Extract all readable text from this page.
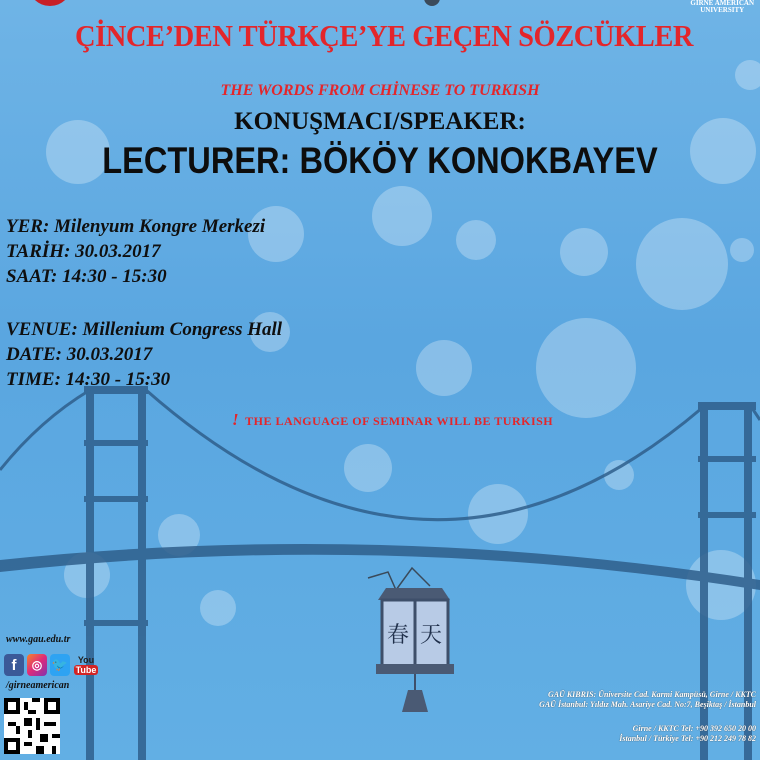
春 天
GIRNE AMERICAN
UNIVERSITY
ÇİNCE’DEN TÜRKÇE’YE GEÇEN SÖZCÜKLER
THE WORDS FROM CHİNESE TO TURKISH
KONUŞMACI/SPEAKER:
LECTURER: BÖKÖY KONOKBAYEV
YER: Milenyum Kongre Merkezi
TARİH: 30.03.2017
SAAT: 14:30 - 15:30
VENUE: Millenium Congress Hall
DATE: 30.03.2017
TIME: 14:30 - 15:30
! THE LANGUAGE OF SEMINAR WILL BE TURKISH
www.gau.edu.tr
f	◎ 🐦 You
Tube
/girneamerican
GAÜ KIBRIS: Üniversite Cad. Karmi Kampüsü, Girne / KKTC
GAÜ İstanbul: Yıldız Mah. Asariye Cad. No:7, Beşiktaş / İstanbul
Girne / KKTC Tel: +90 392 650 20 00
İstanbul / Türkiye Tel: +90 212 249 78 82
